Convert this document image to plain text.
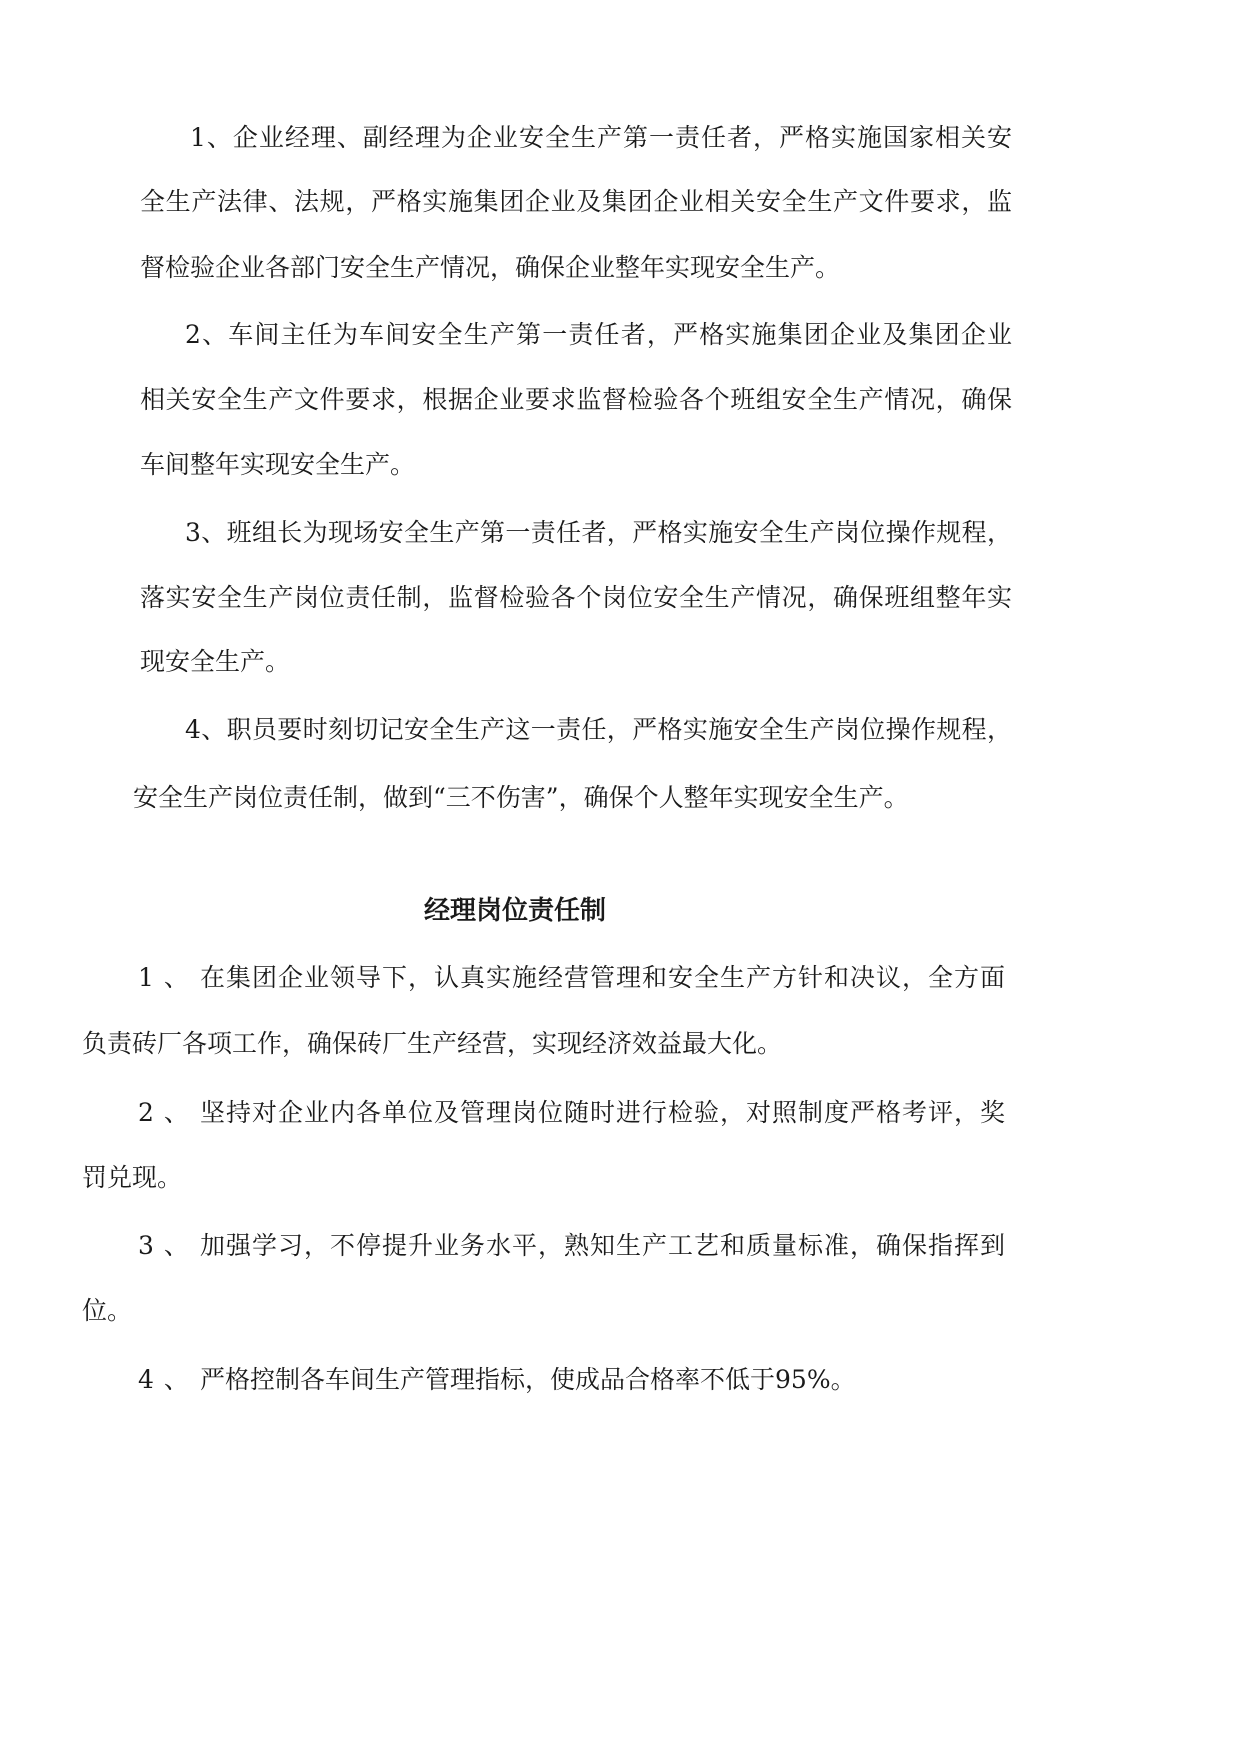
1、企业经理、副经理为企业安全生产第一责任者，严格实施国家相关安
全生产法律、法规，严格实施集团企业及集团企业相关安全生产文件要求，监
督检验企业各部门安全生产情况，确保企业整年实现安全生产。
2、车间主任为车间安全生产第一责任者，严格实施集团企业及集团企业
相关安全生产文件要求，根据企业要求监督检验各个班组安全生产情况，确保
车间整年实现安全生产。
3、班组长为现场安全生产第一责任者，严格实施安全生产岗位操作规程，
落实安全生产岗位责任制，监督检验各个岗位安全生产情况，确保班组整年实
现安全生产。
4、职员要时刻切记安全生产这一责任，严格实施安全生产岗位操作规程，
安全生产岗位责任制，做到“三不伤害”，确保个人整年实现安全生产。
经理岗位责任制
1、 在集团企业领导下，认真实施经营管理和安全生产方针和决议，全方面
负责砖厂各项工作，确保砖厂生产经营，实现经济效益最大化。
2、 坚持对企业内各单位及管理岗位随时进行检验，对照制度严格考评，奖
罚兑现。
3、 加强学习，不停提升业务水平，熟知生产工艺和质量标准，确保指挥到
位。
4、 严格控制各车间生产管理指标，使成品合格率不低于95%。
